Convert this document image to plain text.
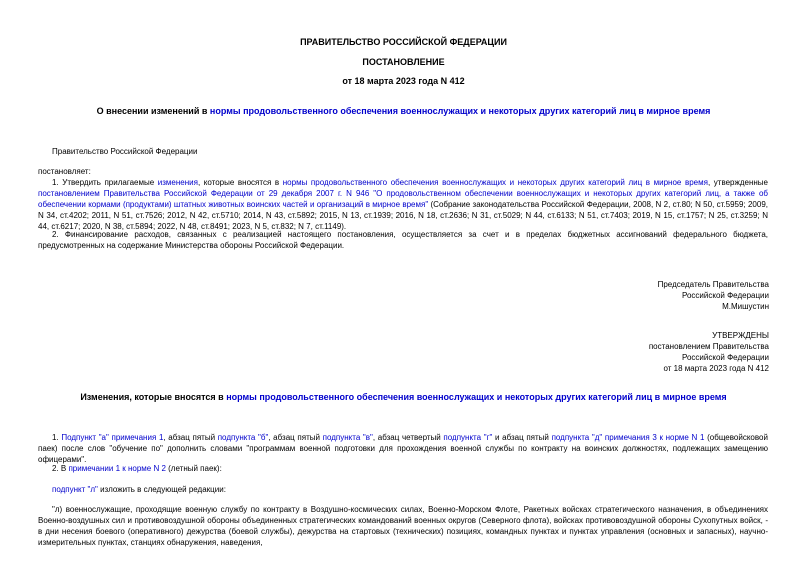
ПРАВИТЕЛЬСТВО РОССИЙСКОЙ ФЕДЕРАЦИИ
ПОСТАНОВЛЕНИЕ
от 18 марта 2023 года N 412
О внесении изменений в нормы продовольственного обеспечения военнослужащих и некоторых других категорий лиц в мирное время
Правительство Российской Федерации
постановляет:
1. Утвердить прилагаемые изменения, которые вносятся в нормы продовольственного обеспечения военнослужащих и некоторых других категорий лиц в мирное время, утвержденные постановлением Правительства Российской Федерации от 29 декабря 2007 г. N 946 "О продовольственном обеспечении военнослужащих и некоторых других категорий лиц, а также об обеспечении кормами (продуктами) штатных животных воинских частей и организаций в мирное время" (Собрание законодательства Российской Федерации, 2008, N 2, ст.80; N 50, ст.5959; 2009, N 34, ст.4202; 2011, N 51, ст.7526; 2012, N 42, ст.5710; 2014, N 43, ст.5892; 2015, N 13, ст.1939; 2016, N 18, ст.2636; N 31, ст.5029; N 44, ст.6133; N 51, ст.7403; 2019, N 15, ст.1757; N 25, ст.3259; N 44, ст.6217; 2020, N 38, ст.5894; 2022, N 48, ст.8491; 2023, N 5, ст.832; N 7, ст.1149).
2. Финансирование расходов, связанных с реализацией настоящего постановления, осуществляется за счет и в пределах бюджетных ассигнований федерального бюджета, предусмотренных на содержание Министерства обороны Российской Федерации.
Председатель Правительства
Российской Федерации
М.Мишустин
УТВЕРЖДЕНЫ
постановлением Правительства
Российской Федерации
от 18 марта 2023 года N 412
Изменения, которые вносятся в нормы продовольственного обеспечения военнослужащих и некоторых других категорий лиц в мирное время
1. Подпункт "а" примечания 1, абзац пятый подпункта "б", абзац пятый подпункта "в", абзац четвертый подпункта "г" и абзац пятый подпункта "д" примечания 3 к норме N 1 (общевойсковой паек) после слов "обучение по" дополнить словами "программам военной подготовки для прохождения военной службы по контракту на воинских должностях, подлежащих замещению офицерами".
2. В примечании 1 к норме N 2 (летный паек):
подпункт "л" изложить в следующей редакции:
"л) военнослужащие, проходящие военную службу по контракту в Воздушно-космических силах, Военно-Морском Флоте, Ракетных войсках стратегического назначения, в объединениях Военно-воздушных сил и противовоздушной обороны объединенных стратегических командований военных округов (Северного флота), войсках противовоздушной обороны Сухопутных войск, - в дни несения боевого (оперативного) дежурства (боевой службы), дежурства на стартовых (технических) позициях, командных пунктах и пунктах управления (основных и запасных), научно-измерительных пунктах, станциях обнаружения, наведения,
